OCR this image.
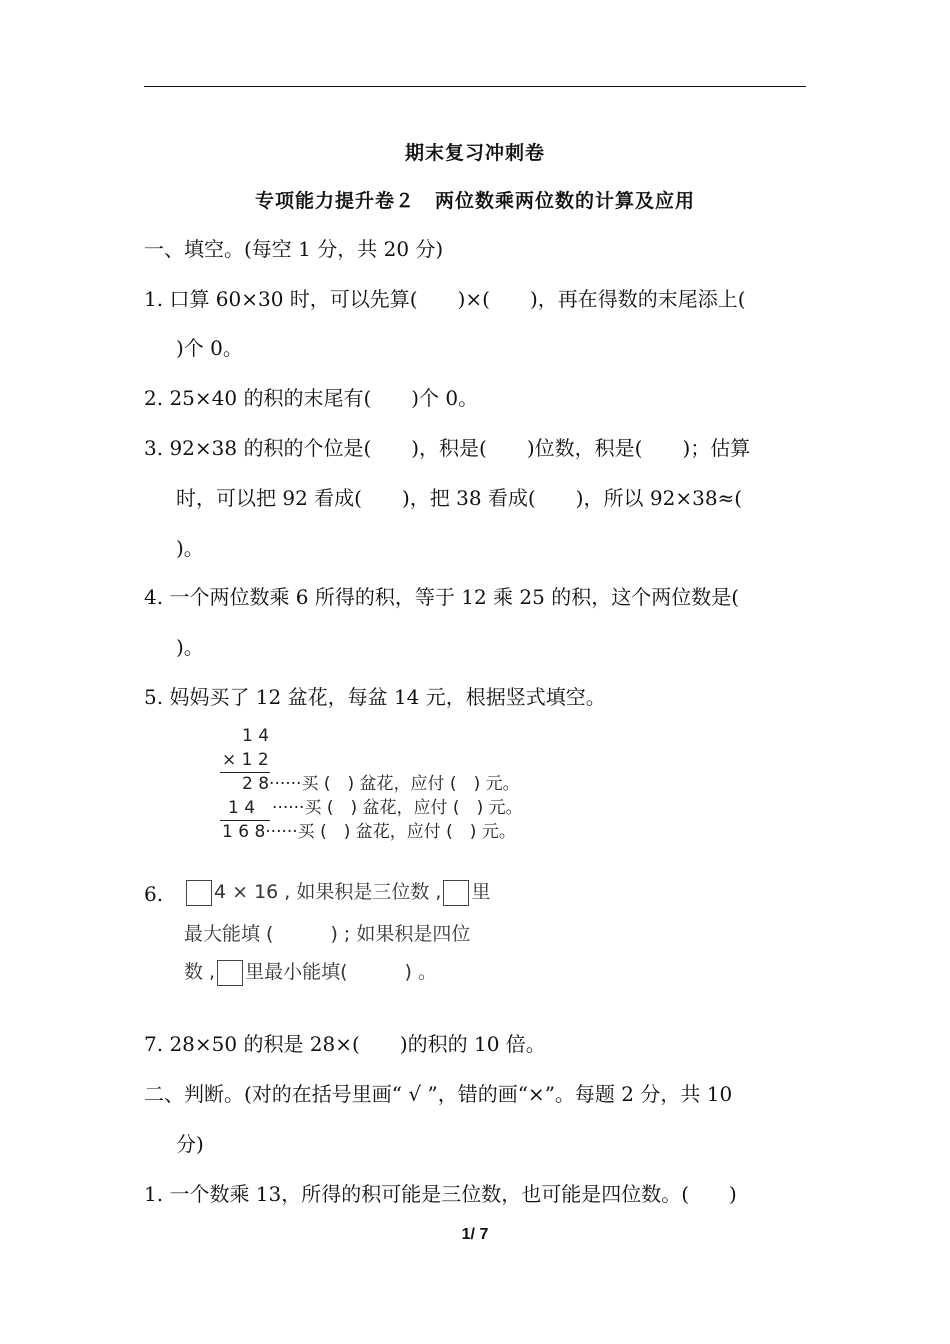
期末复习冲刺卷
专项能力提升卷２　两位数乘两位数的计算及应用
一、填空。(每空 1 分，共 20 分)
1. 口算 60×30 时，可以先算(　　)×(　　)，再在得数的末尾添上(
)个 0。
2. 25×40 的积的末尾有(　　)个 0。
3. 92×38 的积的个位是(　　)，积是(　　)位数，积是(　　)；估算
时，可以把 92 看成(　　)，把 38 看成(　　)，所以 92×38≈(
)。
4. 一个两位数乘 6 所得的积，等于 12 乘 25 的积，这个两位数是(
)。
5. 妈妈买了 12 盆花，每盆 14 元，根据竖式填空。
1 4
× 1 2
2 8······买 (　) 盆花，应付 (　) 元。
1 4　······买 (　) 盆花，应付 (　) 元。
1 6 8······买 (　) 盆花，应付 (　) 元。
6.	4 × 16 , 如果积是三位数 , 里
最大能填 (　　　) ; 如果积是四位
数 , 里最小能填(　　　) 。
7. 28×50 的积是 28×(　　)的积的 10 倍。
二、判断。(对的在括号里画“ √ ”，错的画“×”。每题 2 分，共 10
分)
1. 一个数乘 13，所得的积可能是三位数，也可能是四位数。(　　)
1/ 7
